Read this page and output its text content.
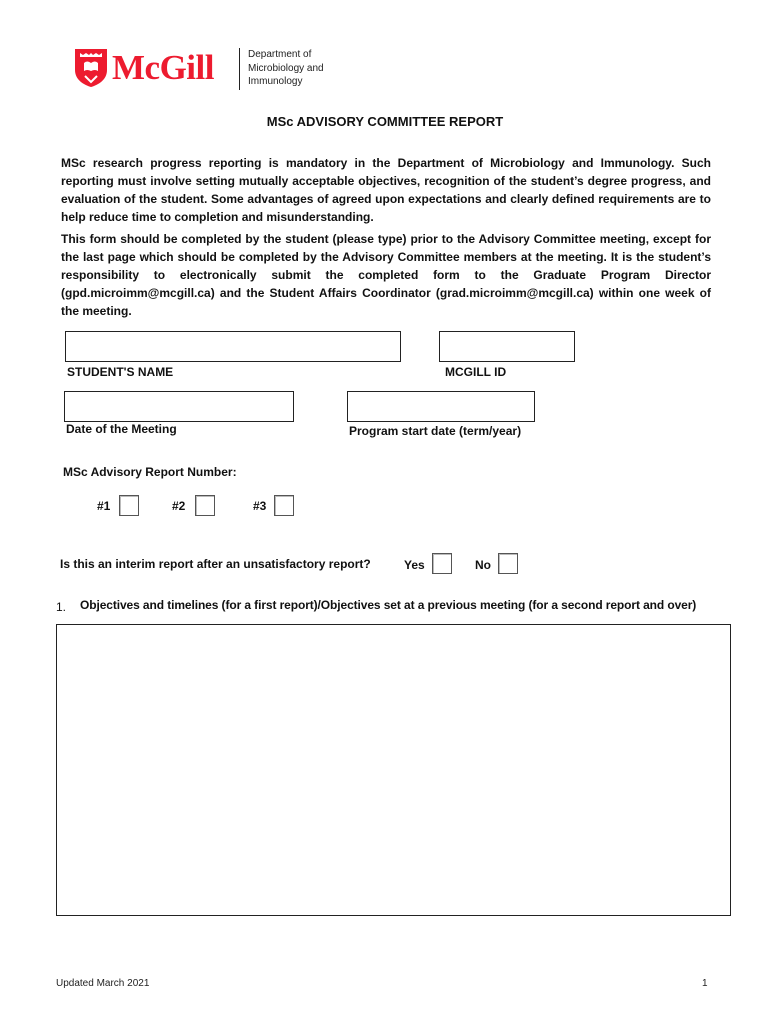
McGill	Department of
Microbiology and
Immunology
MSc ADVISORY COMMITTEE REPORT
MSc research progress reporting is mandatory in the Department of Microbiology and Immunology. Such reporting must involve setting mutually acceptable objectives, recognition of the student’s degree progress, and evaluation of the student. Some advantages of agreed upon expectations and clearly defined requirements are to help reduce time to completion and misunderstanding.
This form should be completed by the student (please type) prior to the Advisory Committee meeting, except for the last page which should be completed by the Advisory Committee members at the meeting. It is the student’s responsibility to electronically submit the completed form to the Graduate Program Director (gpd.microimm@mcgill.ca) and the Student Affairs Coordinator (grad.microimm@mcgill.ca) within one week of the meeting.
STUDENT'S NAME	MCGILL ID
Date of the Meeting	Program start date (term/year)
MSc Advisory Report Number:
#1	#2	#3
Is this an interim report after an unsatisfactory report?	Yes	No
1. Objectives and timelines (for a first report)/Objectives set at a previous meeting (for a second report and over)
Updated March 2021	1
